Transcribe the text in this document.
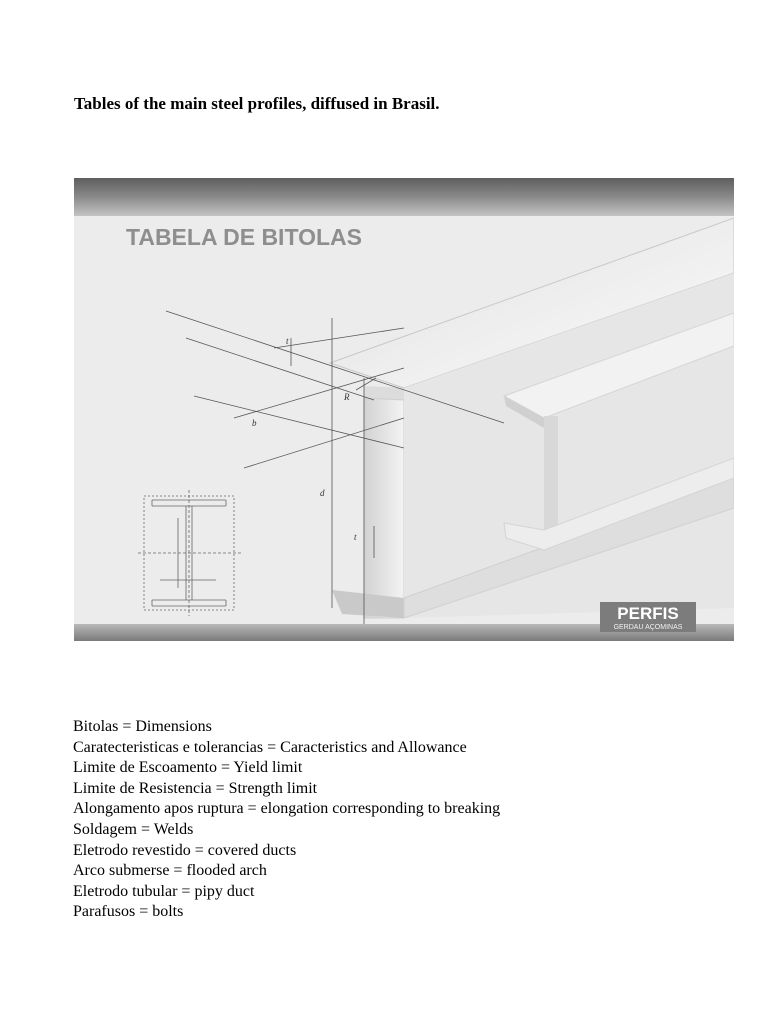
Tables of the main steel profiles, diffused in Brasil.
TABELA DE BITOLAS
t
R
b
d
t
PERFIS
GERDAU AÇOMINAS
Bitolas = Dimensions
Caratecteristicas e tolerancias = Caracteristics and Allowance
Limite de Escoamento = Yield limit
Limite de Resistencia = Strength limit
Alongamento apos ruptura = elongation corresponding to breaking
Soldagem = Welds
Eletrodo revestido = covered ducts
Arco submerse = flooded arch
Eletrodo tubular = pipy duct
Parafusos = bolts
